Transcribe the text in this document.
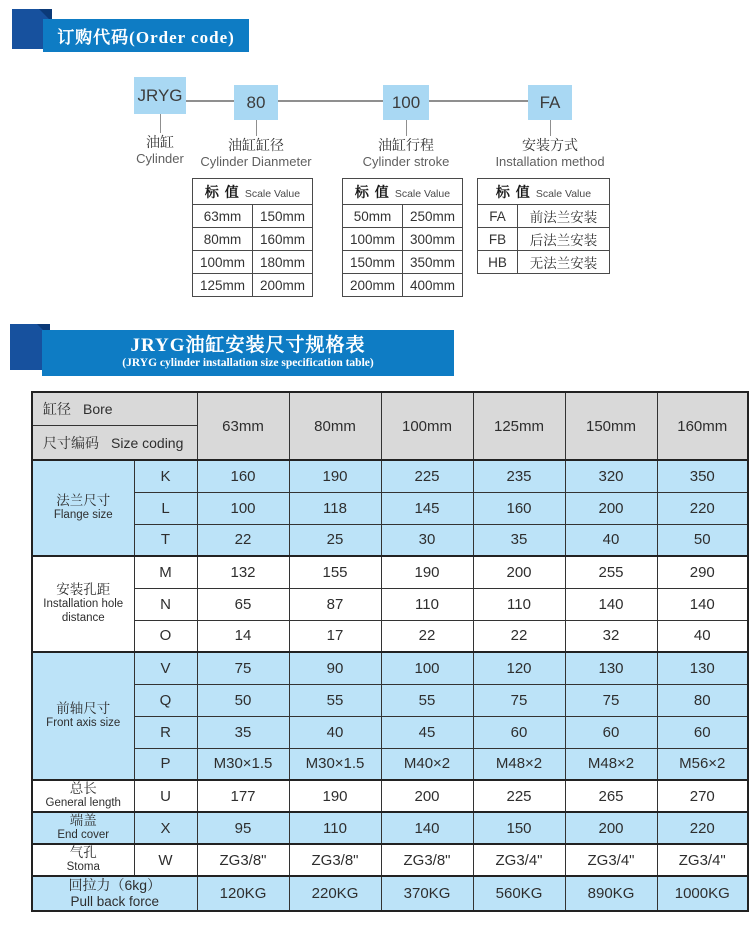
订购代码(Order code)
JRYG	80	100	FA
油缸
Cylinder
油缸缸径
Cylinder Dianmeter
油缸行程
Cylinder stroke
安装方式
Installation method
标 值 Scale Value	
63mm	150mm
80mm	160mm
100mm	180mm
125mm	200mm
标 值 Scale Value	
50mm	250mm
100mm	300mm
150mm	350mm
200mm	400mm
标 值 Scale Value	
FA	前法兰安装
FB	后法兰安装
HB	无法兰安装
JRYG油缸安装尺寸规格表
(JRYG cylinder installation size specification table)
缸径 Bore
尺寸编码 Size coding		63mm	80mm	100mm	125mm	150mm	160mm

法兰尺寸
Flange size	K	160	190	225	235	320	350
	L	100	118	145	160	200	220
	T	22	25	30	35	40	50

安装孔距
Installation hole distance	M	132	155	190	200	255	290
	N	65	87	110	110	140	140
	O	14	17	22	22	32	40

前轴尺寸
Front axis size	V	75	90	100	120	130	130
	Q	50	55	55	75	75	80
	R	35	40	45	60	60	60
	P	M30×1.5	M30×1.5	M40×2	M48×2	M48×2	M56×2

总长
General length	U	177	190	200	225	265	270

端盖
End cover	X	95	110	140	150	200	220

气孔
Stoma	W	ZG3/8"	ZG3/8"	ZG3/8"	ZG3/4"	ZG3/4"	ZG3/4"

回拉力（6kg）
Pull back force		120KG	220KG	370KG	560KG	890KG	1000KG
